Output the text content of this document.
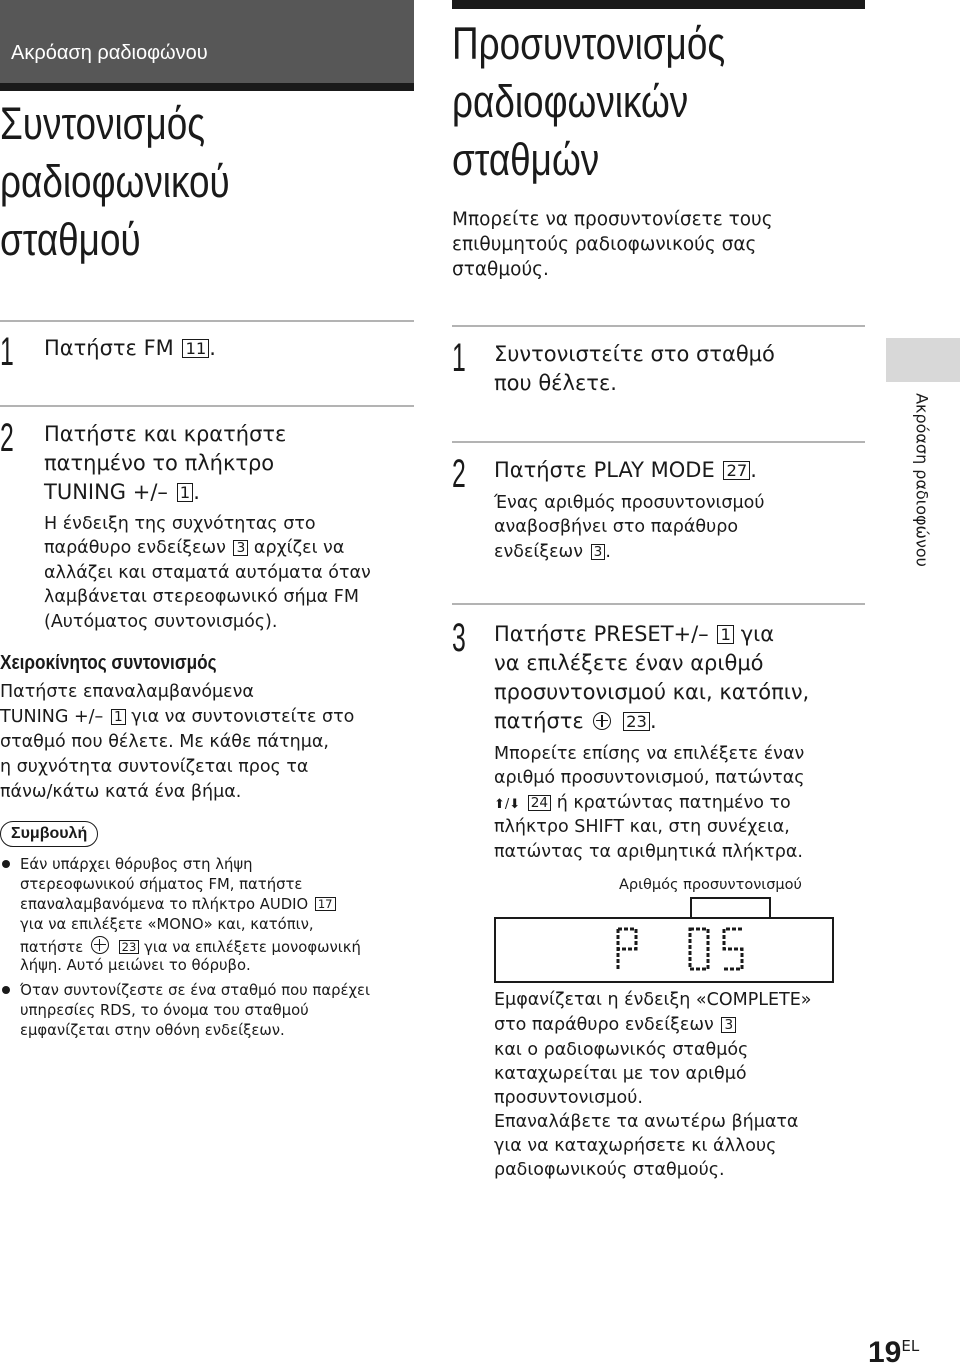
Ακρόαση ραδιοφώνου
Συντονισμός
ραδιοφωνικού
σταθμού
Προσυντονισμός
ραδιοφωνικών
σταθμών
Μπορείτε να προσυντονίσετε τους
επιθυμητούς ραδιοφωνικούς σας
σταθμούς.
1 Πατήστε FM 11 .
2 Πατήστε και κρατήστε
πατημένο το πλήκτρο
TUNING +/– 1 .
Η ένδειξη της συχνότητας στο
παράθυρο ενδείξεων 3 αρχίζει να
αλλάζει και σταματά αυτόματα όταν
λαμβάνεται στερεοφωνικό σήμα FM
(Αυτόματος συντονισμός).
Χειροκίνητος συντονισμός
Πατήστε επαναλαμβανόμενα
TUNING +/– 1 για να συντονιστείτε στο
σταθμό που θέλετε. Με κάθε πάτημα,
η συχνότητα συντονίζεται προς τα
πάνω/κάτω κατά ένα βήμα.
Συμβουλή
Εάν υπάρχει θόρυβος στη λήψη
στερεοφωνικού σήματος FM, πατήστε
επαναλαμβανόμενα το πλήκτρο AUDIO 17
για να επιλέξετε «MONO» και, κατόπιν,
πατήστε	23 για να επιλέξετε μονοφωνική
λήψη. Αυτό μειώνει το θόρυβο.
Όταν συντονίζεστε σε ένα σταθμό που παρέχει
υπηρεσίες RDS, το όνομα του σταθμού
εμφανίζεται στην οθόνη ενδείξεων.
1 Συντονιστείτε στο σταθμό
που θέλετε.
2 Πατήστε PLAY MODE 27 .
Ένας αριθμός προσυντονισμού
αναβοσβήνει στο παράθυρο
ενδείξεων 3 .
3 Πατήστε PRESET+/– 1 για
να επιλέξετε έναν αριθμό
προσυντονισμού και, κατόπιν,
πατήστε	23 .
Μπορείτε επίσης να επιλέξετε έναν
αριθμό προσυντονισμού, πατώντας
⬆/⬇ 24 ή κρατώντας πατημένο το
πλήκτρο SHIFT και, στη συνέχεια,
πατώντας τα αριθμητικά πλήκτρα.
Αριθμός προσυντονισμού
Εμφανίζεται η ένδειξη «COMPLETE»
στο παράθυρο ενδείξεων 3
και ο ραδιοφωνικός σταθμός
καταχωρείται με τον αριθμό
προσυντονισμού.
Επαναλάβετε τα ανωτέρω βήματα
για να καταχωρήσετε κι άλλους
ραδιοφωνικούς σταθμούς.
Ακρόαση ραδιοφώνου
19EL
